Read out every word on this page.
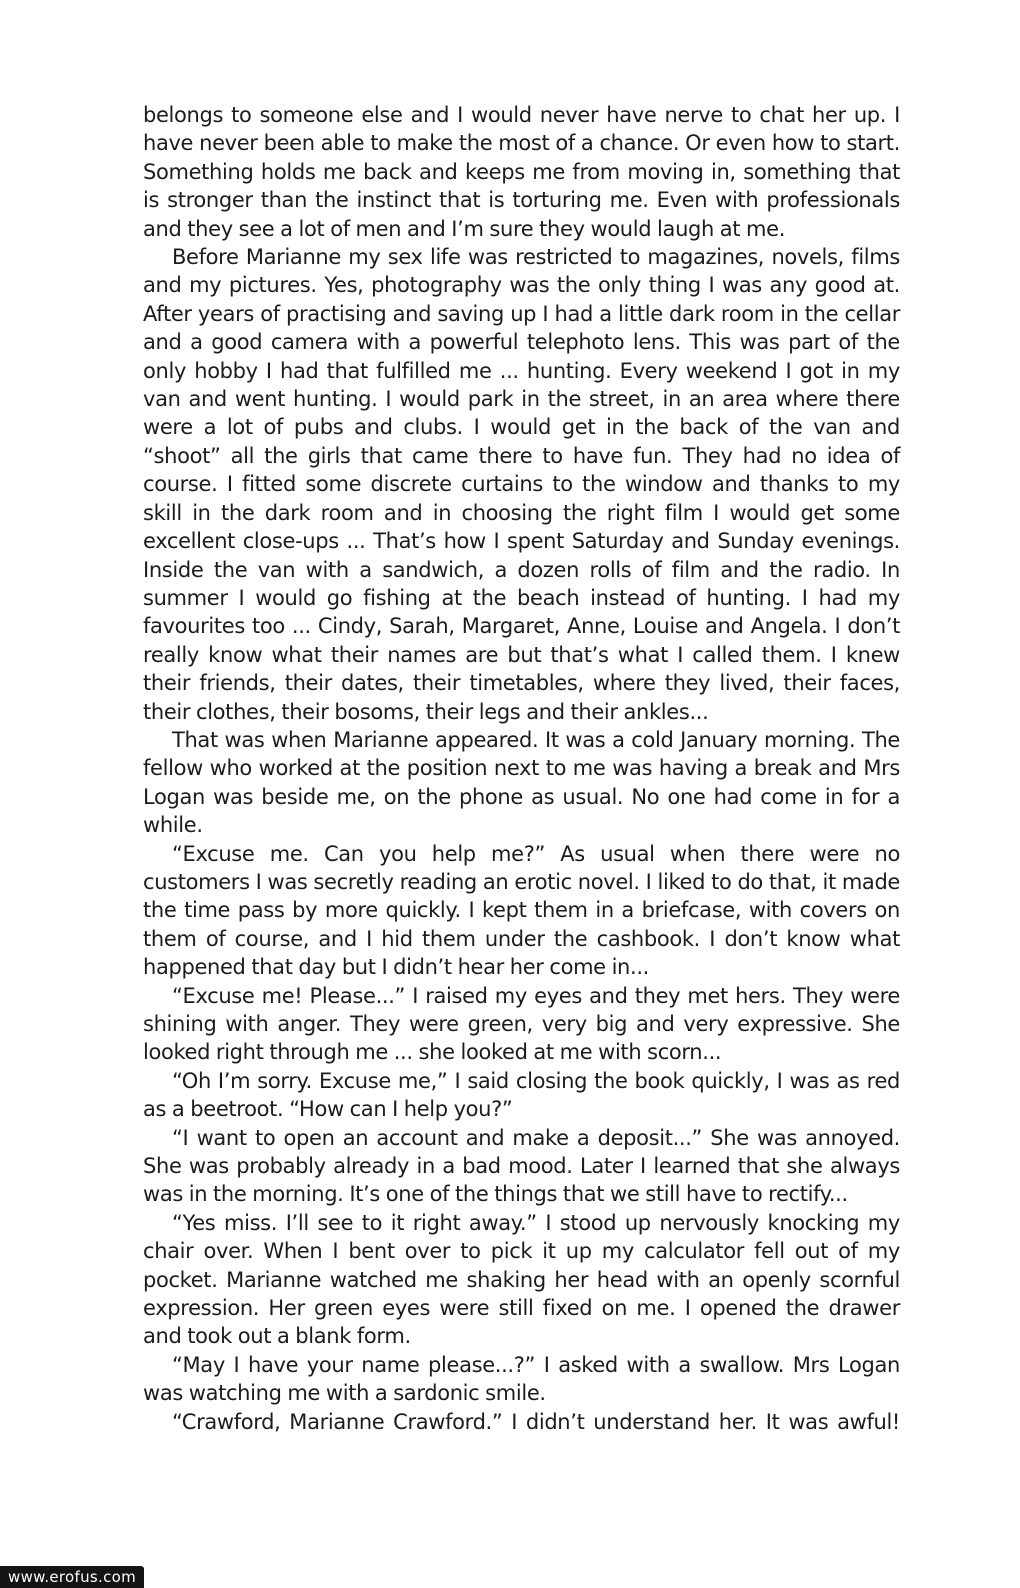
belongs to someone else and I would never have nerve to chat her up. I have never been able to make the most of a chance. Or even how to start. Something holds me back and keeps me from moving in, something that is stronger than the instinct that is torturing me. Even with professionals and they see a lot of men and I’m sure they would laugh at me.

Before Marianne my sex life was restricted to magazines, novels, films and my pictures. Yes, photography was the only thing I was any good at. After years of practising and saving up I had a little dark room in the cellar and a good camera with a powerful telephoto lens. This was part of the only hobby I had that fulfilled me ... hunting. Every weekend I got in my van and went hunting. I would park in the street, in an area where there were a lot of pubs and clubs. I would get in the back of the van and “shoot” all the girls that came there to have fun. They had no idea of course. I fitted some discrete curtains to the window and thanks to my skill in the dark room and in choosing the right film I would get some excellent close-ups ... That’s how I spent Saturday and Sunday evenings. Inside the van with a sandwich, a dozen rolls of film and the radio. In summer I would go fishing at the beach instead of hunting. I had my favourites too ... Cindy, Sarah, Margaret, Anne, Louise and Angela. I don’t really know what their names are but that’s what I called them. I knew their friends, their dates, their timetables, where they lived, their faces, their clothes, their bosoms, their legs and their ankles...

That was when Marianne appeared. It was a cold January morning. The fellow who worked at the position next to me was having a break and Mrs Logan was beside me, on the phone as usual. No one had come in for a while.

“Excuse me. Can you help me?” As usual when there were no customers I was secretly reading an erotic novel. I liked to do that, it made the time pass by more quickly. I kept them in a briefcase, with covers on them of course, and I hid them under the cashbook. I don’t know what happened that day but I didn’t hear her come in...

“Excuse me! Please...” I raised my eyes and they met hers. They were shining with anger. They were green, very big and very expressive. She looked right through me ... she looked at me with scorn...

“Oh I’m sorry. Excuse me,” I said closing the book quickly, I was as red as a beetroot. “How can I help you?”

“I want to open an account and make a deposit...” She was annoyed. She was probably already in a bad mood. Later I learned that she always was in the morning. It’s one of the things that we still have to rectify...

“Yes miss. I’ll see to it right away.” I stood up nervously knocking my chair over. When I bent over to pick it up my calculator fell out of my pocket. Marianne watched me shaking her head with an openly scornful expression. Her green eyes were still fixed on me. I opened the drawer and took out a blank form.

“May I have your name please...?” I asked with a swallow. Mrs Logan was watching me with a sardonic smile.

“Crawford, Marianne Crawford.” I didn’t understand her. It was awful!

www.erofus.com
